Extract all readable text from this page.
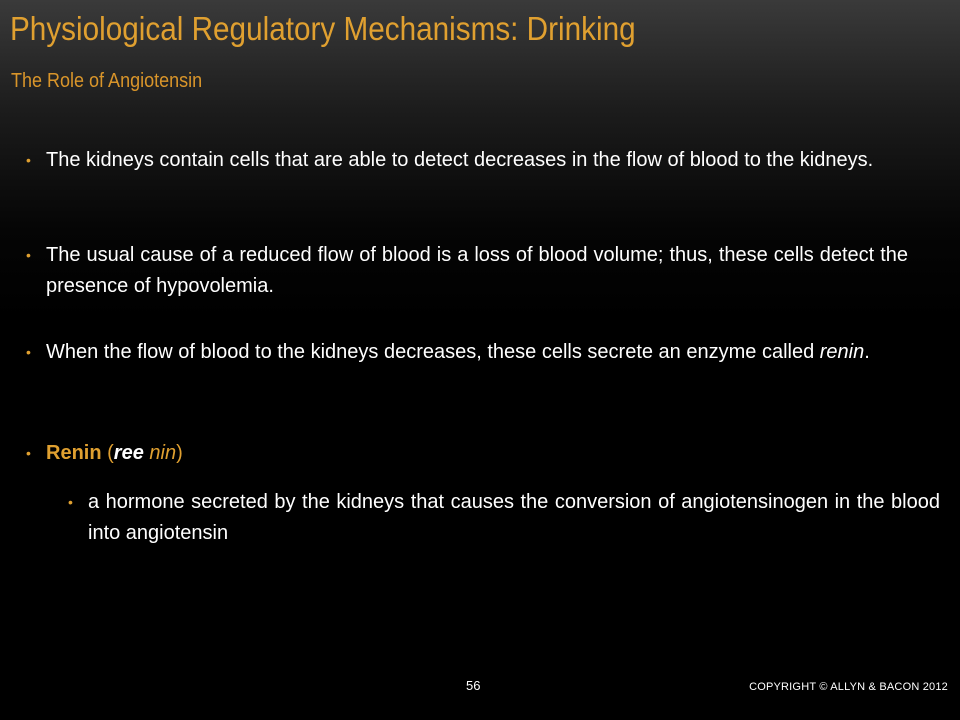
Physiological Regulatory Mechanisms: Drinking
The Role of Angiotensin
• The kidneys contain cells that are able to detect decreases in the flow of blood to the kidneys.
• The usual cause of a reduced flow of blood is a loss of blood volume; thus, these cells detect the presence of hypovolemia.
• When the flow of blood to the kidneys decreases, these cells secrete an enzyme called renin.
• Renin (ree nin)
• a hormone secreted by the kidneys that causes the conversion of angiotensinogen in the blood into angiotensin
56	COPYRIGHT © ALLYN & BACON 2012
